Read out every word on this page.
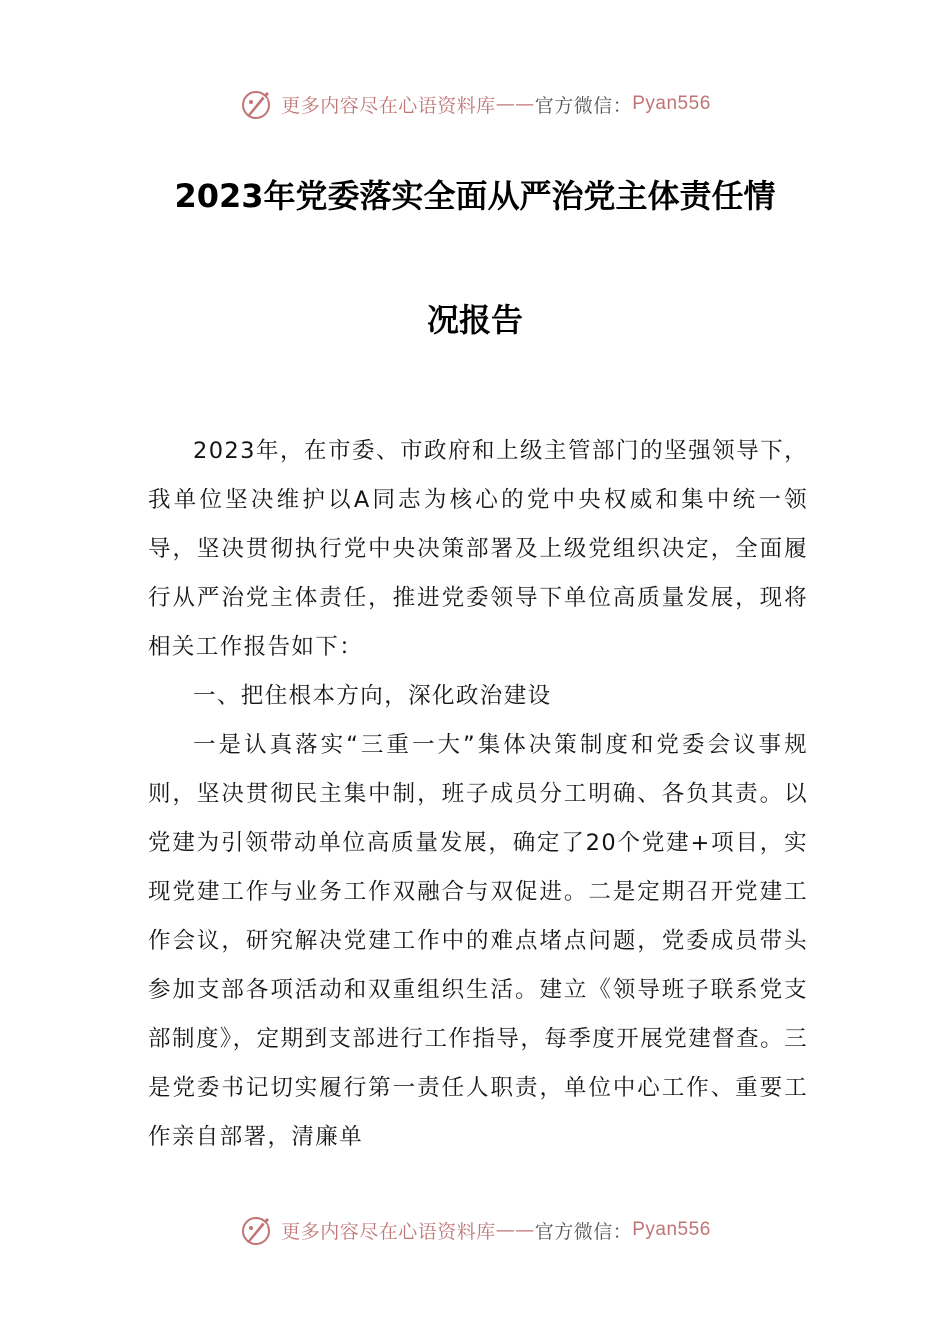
更多内容尽在心语资料库 —— 官方微信： Pyan556
2023年党委落实全面从严治党主体责任情
况报告

2023年，在市委、市政府和上级主管部门的坚强领导下，我单位坚决维护以A同志为核心的党中央权威和集中统一领导，坚决贯彻执行党中央决策部署及上级党组织决定，全面履行从严治党主体责任，推进党委领导下单位高质量发展，现将相关工作报告如下：

一、把住根本方向，深化政治建设

一是认真落实“三重一大”集体决策制度和党委会议事规则，坚决贯彻民主集中制，班子成员分工明确、各负其责。以党建为引领带动单位高质量发展，确定了20个党建+项目，实现党建工作与业务工作双融合与双促进。二是定期召开党建工作会议，研究解决党建工作中的难点堵点问题，党委成员带头参加支部各项活动和双重组织生活。建立《领导班子联系党支部制度》，定期到支部进行工作指导，每季度开展党建督查。三是党委书记切实履行第一责任人职责，单位中心工作、重要工作亲自部署，清廉单

更多内容尽在心语资料库 —— 官方微信： Pyan556
